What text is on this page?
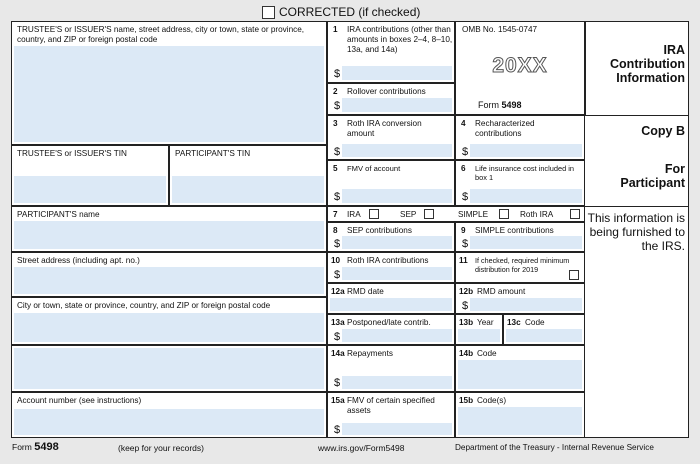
CORRECTED (if checked)
TRUSTEE'S or ISSUER'S name, street address, city or town, state or province, country, and ZIP or foreign postal code
TRUSTEE'S or ISSUER'S TIN	PARTICIPANT'S TIN
PARTICIPANT'S name
Street address (including apt. no.)
City or town, state or province, country, and ZIP or foreign postal code
Account number (see instructions)
1	IRA contributions (other than amounts in boxes 2–4, 8–10, 13a, and 14a)
$
2	Rollover contributions
$
OMB No. 1545-0747
20XX
Form 5498
3	Roth IRA conversion amount
$
4	Recharacterized contributions
$
5	FMV of account
$
6	Life insurance cost included in box 1
$
7	IRA	SEP	SIMPLE	Roth IRA
8	SEP contributions
$
9	SIMPLE contributions
$
10 Roth IRA contributions
$
11	If checked, required minimum distribution for 2019
12a RMD date	12b RMD amount
$
13a Postponed/late contrib.
$
13b Year 13c Code
14a Repayments
$
14b Code
15a FMV of certain specified assets
$
15b Code(s)
IRA Contribution Information
Copy B
For Participant
This information is being furnished to the IRS.
Form 5498	(keep for your records)	www.irs.gov/Form5498	Department of the Treasury - Internal Revenue Service
